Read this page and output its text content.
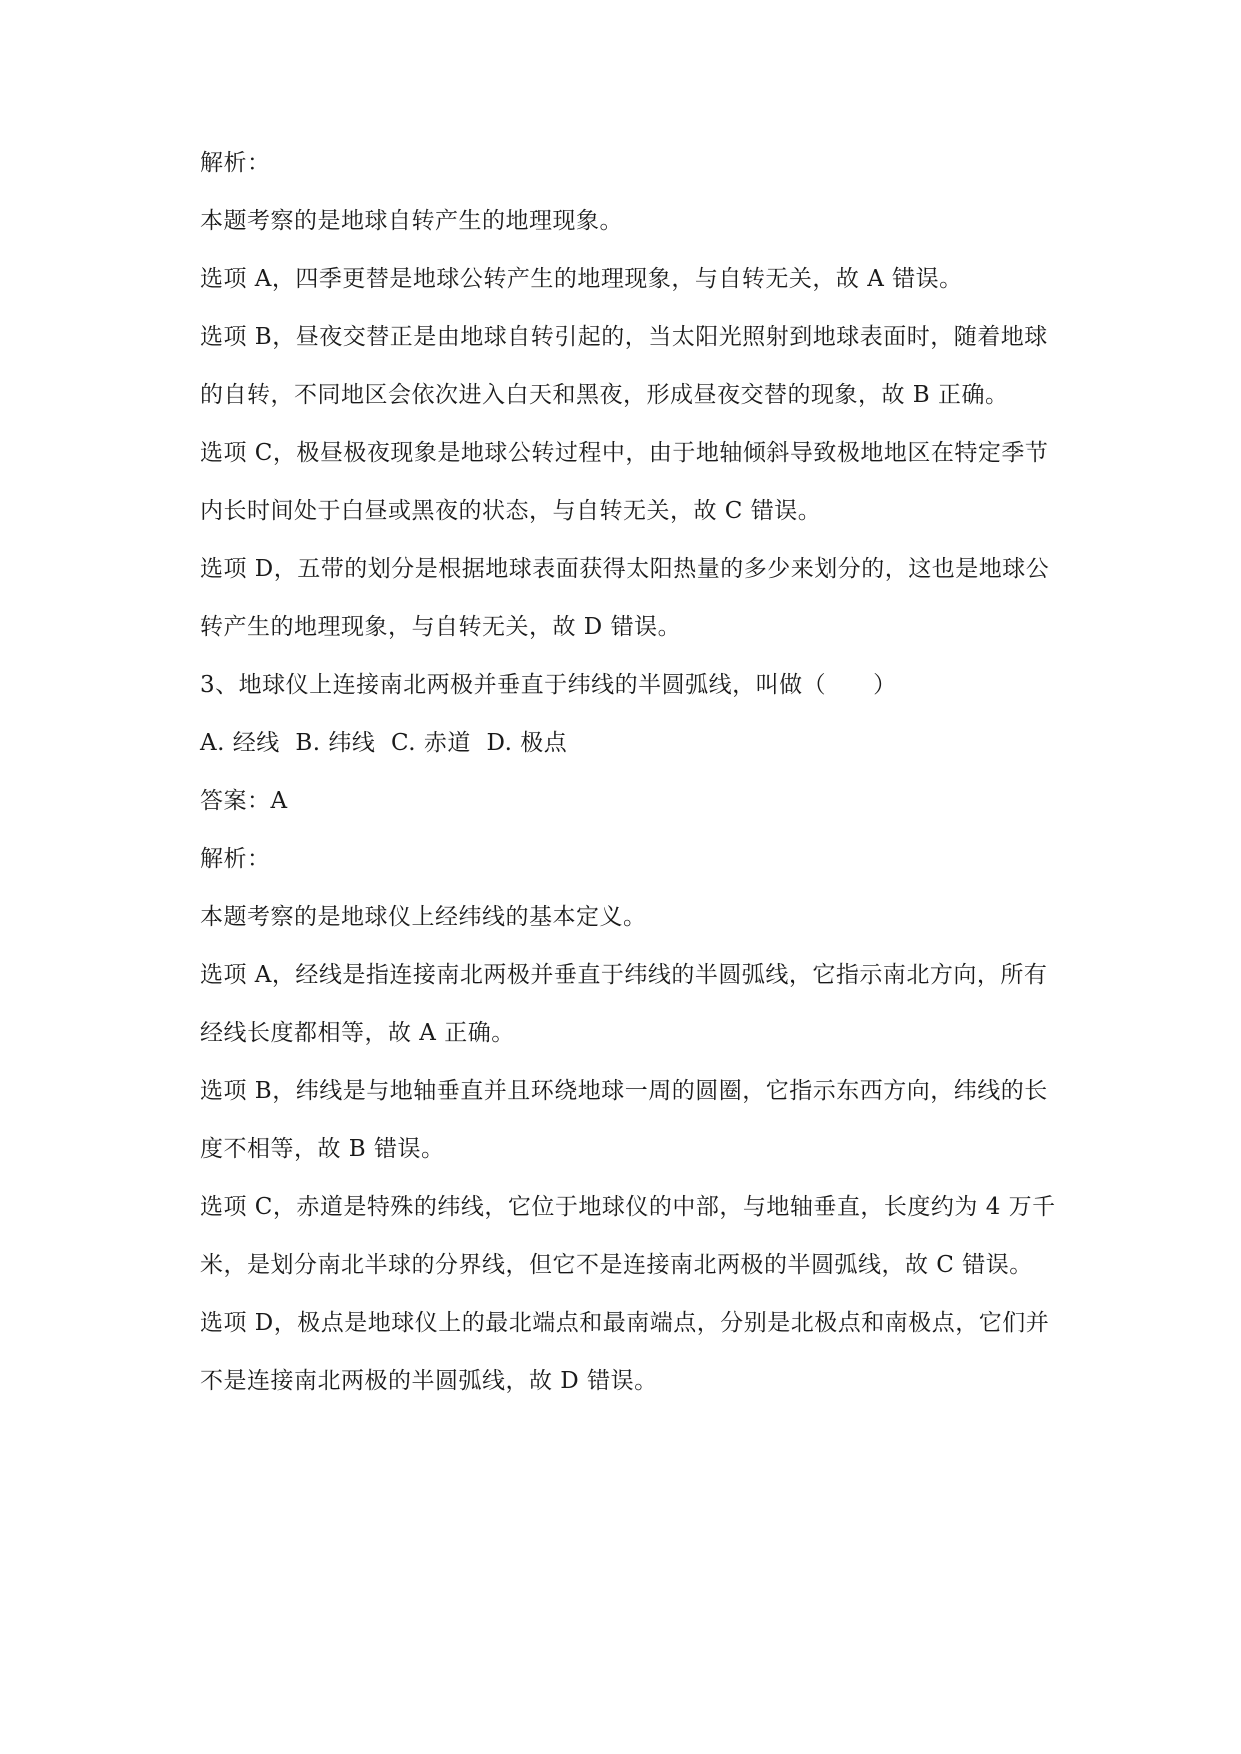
解析：
本题考察的是地球自转产生的地理现象。
选项 A，四季更替是地球公转产生的地理现象，与自转无关，故 A 错误。
选项 B，昼夜交替正是由地球自转引起的，当太阳光照射到地球表面时，随着地球
的自转，不同地区会依次进入白天和黑夜，形成昼夜交替的现象，故 B 正确。
选项 C，极昼极夜现象是地球公转过程中，由于地轴倾斜导致极地地区在特定季节
内长时间处于白昼或黑夜的状态，与自转无关，故 C 错误。
选项 D，五带的划分是根据地球表面获得太阳热量的多少来划分的，这也是地球公
转产生的地理现象，与自转无关，故 D 错误。
3、地球仪上连接南北两极并垂直于纬线的半圆弧线，叫做（　　）
A. 经线  B. 纬线  C. 赤道  D. 极点
答案：A
解析：
本题考察的是地球仪上经纬线的基本定义。
选项 A，经线是指连接南北两极并垂直于纬线的半圆弧线，它指示南北方向，所有
经线长度都相等，故 A 正确。
选项 B，纬线是与地轴垂直并且环绕地球一周的圆圈，它指示东西方向，纬线的长
度不相等，故 B 错误。
选项 C，赤道是特殊的纬线，它位于地球仪的中部，与地轴垂直，长度约为 4 万千
米，是划分南北半球的分界线，但它不是连接南北两极的半圆弧线，故 C 错误。
选项 D，极点是地球仪上的最北端点和最南端点，分别是北极点和南极点，它们并
不是连接南北两极的半圆弧线，故 D 错误。
